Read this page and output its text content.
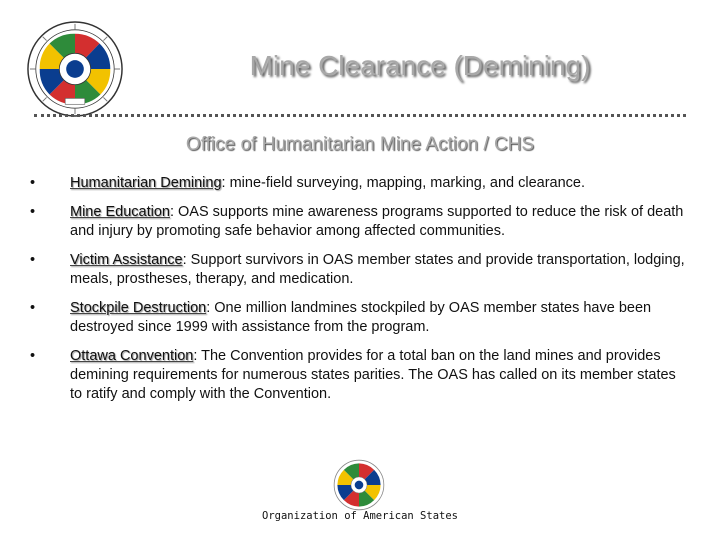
Mine Clearance (Demining)
Office of Humanitarian Mine Action / CHS
• Humanitarian Demining: mine-field surveying, mapping, marking, and clearance.
• Mine Education: OAS supports mine awareness programs supported to reduce the risk of death and injury by promoting safe behavior among affected communities.
• Victim Assistance: Support survivors in OAS member states and provide transportation, lodging, meals, prostheses, therapy, and medication.
• Stockpile Destruction: One million landmines stockpiled by OAS member states have been destroyed since 1999 with assistance from the program.
• Ottawa Convention: The Convention provides for a total ban on the land mines and provides demining requirements for numerous states parities. The OAS has called on its member states to ratify and comply with the Convention.
Organization of American States
